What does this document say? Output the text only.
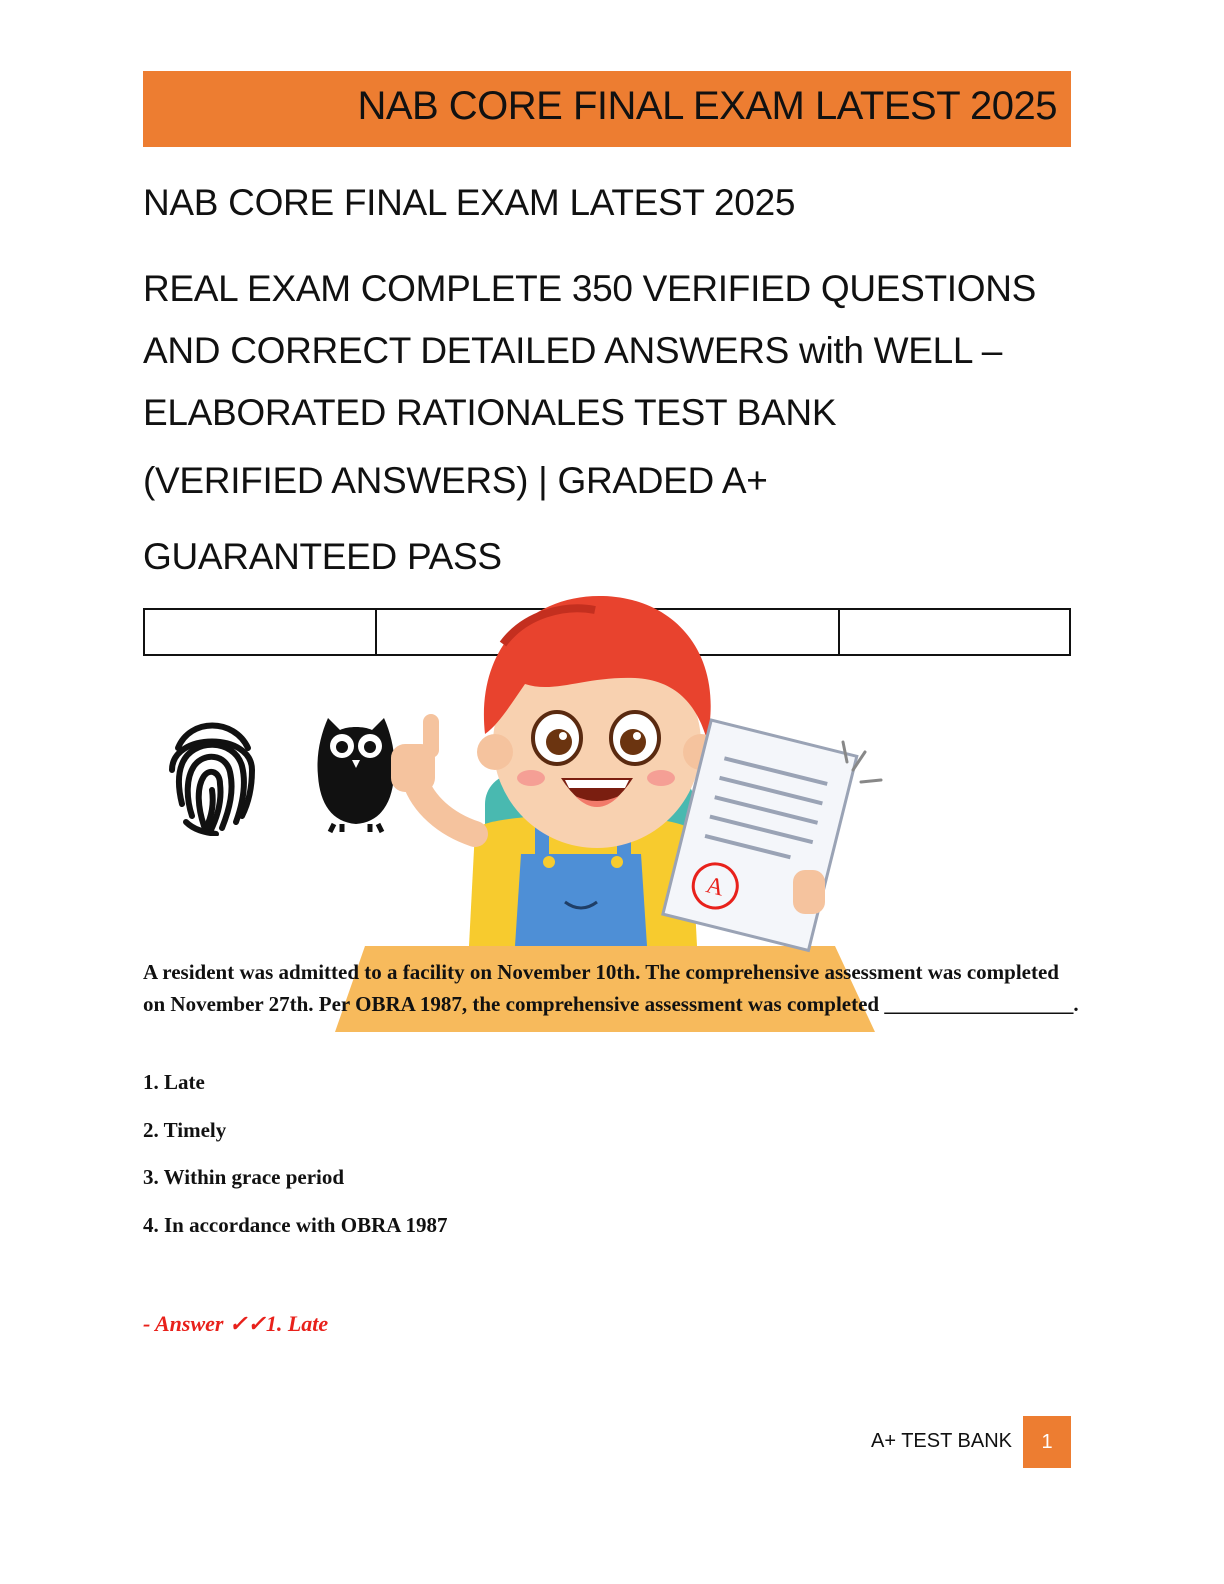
NAB CORE FINAL EXAM LATEST 2025
NAB CORE FINAL EXAM LATEST 2025
REAL EXAM COMPLETE 350 VERIFIED QUESTIONS
AND CORRECT DETAILED ANSWERS with WELL –
ELABORATED RATIONALES TEST BANK
(VERIFIED ANSWERS) | GRADED A+
GUARANTEED PASS

A
A resident was admitted to a facility on November 10th. The comprehensive assessment was completed on November 27th. Per OBRA 1987, the comprehensive assessment was completed __________________.
1. Late
2. Timely
3. Within grace period
4. In accordance with OBRA 1987
- Answer ✓✓1. Late
A+ TEST BANK 1
